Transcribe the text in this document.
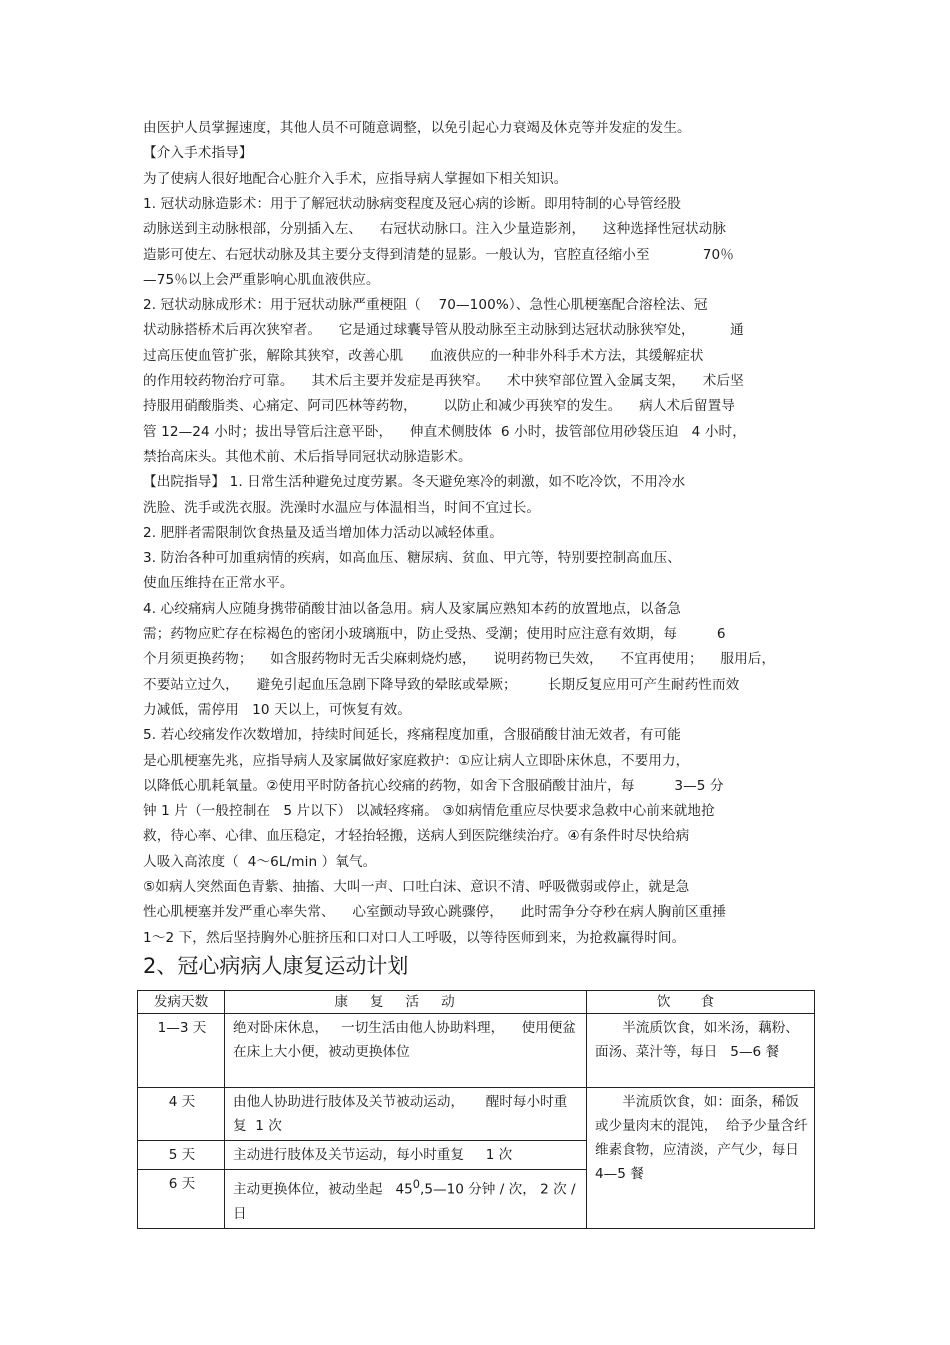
由医护人员掌握速度，其他人员不可随意调整，以免引起心力衰竭及休克等并发症的发生。
【介入手术指导】
为了使病人很好地配合心脏介入手术，应指导病人掌握如下相关知识。
1. 冠状动脉造影术：用于了解冠状动脉病变程度及冠心病的诊断。即用特制的心导管经股
动脉送到主动脉根部，分别插入左、    右冠状动脉口。注入少量造影剂，    这种选择性冠状动脉
造影可使左、右冠状动脉及其主要分支得到清楚的显影。一般认为，官腔直径缩小至            70％
—75％以上会严重影响心肌血液供应。
2. 冠状动脉成形术：用于冠状动脉严重梗阻（    70—100%）、急性心肌梗塞配合溶栓法、冠
状动脉搭桥术后再次狭窄者。    它是通过球囊导管从股动脉至主动脉到达冠状动脉狭窄处，        通
过高压使血管扩张，解除其狭窄，改善心肌      血液供应的一种非外科手术方法，其缓解症状
的作用较药物治疗可靠。    其术后主要并发症是再狭窄。    术中狭窄部位置入金属支架，    术后坚
持服用硝酸脂类、心痛定、阿司匹林等药物，      以防止和减少再狭窄的发生。    病人术后留置导
管 12—24 小时；拔出导管后注意平卧，    伸直术侧肢体  6 小时，拔管部位用砂袋压迫   4 小时，
禁抬高床头。其他术前、术后指导同冠状动脉造影术。
【出院指导】 1. 日常生活种避免过度劳累。冬天避免寒冷的刺激，如不吃冷饮，不用冷水
洗脸、洗手或洗衣服。洗澡时水温应与体温相当，时间不宜过长。
2. 肥胖者需限制饮食热量及适当增加体力活动以减轻体重。
3. 防治各种可加重病情的疾病，如高血压、糖尿病、贫血、甲亢等，特别要控制高血压、
使血压维持在正常水平。
4. 心绞痛病人应随身携带硝酸甘油以备急用。病人及家属应熟知本药的放置地点，以备急
需；药物应贮存在棕褐色的密闭小玻璃瓶中，防止受热、受潮；使用时应注意有效期，每         6
个月须更换药物；    如含服药物时无舌尖麻刺烧灼感，    说明药物已失效，    不宜再使用；    服用后，
不要站立过久，    避免引起血压急剧下降导致的晕眩或晕厥；       长期反复应用可产生耐药性而效
力减低，需停用   10 天以上，可恢复有效。
5. 若心绞痛发作次数增加，持续时间延长，疼痛程度加重，含服硝酸甘油无效者，有可能
是心肌梗塞先兆，应指导病人及家属做好家庭救护：①应让病人立即卧床休息，不要用力，
以降低心肌耗氧量。②使用平时防备抗心绞痛的药物，如舍下含服硝酸甘油片，每         3—5 分
钟 1 片（一般控制在   5 片以下） 以减轻疼痛。 ③如病情危重应尽快要求急救中心前来就地抢
救，待心率、心律、血压稳定，才轻抬轻搬，送病人到医院继续治疗。④有条件时尽快给病
人吸入高浓度（  4～6L/min ）氧气。
⑤如病人突然面色青紫、抽搐、大叫一声、口吐白沫、意识不清、呼吸微弱或停止，就是急
性心肌梗塞并发严重心率失常、    心室颤动导致心跳骤停，    此时需争分夺秒在病人胸前区重捶
1～2 下，然后坚持胸外心脏挤压和口对口人工呼吸，以等待医师到来，为抢救赢得时间。
2、冠心病病人康复运动计划
发病天数	康复活动	饮食
1—3 天	绝对卧床休息，   一切生活由他人协助料理，    使用便盆在床上大小便，被动更换体位	半流质饮食，如米汤，藕粉、面汤、菜汁等，每日   5—6 餐
4 天	由他人协助进行肢体及关节被动运动，     醒时每小时重复  1 次	半流质饮食，如：面条，稀饭或少量肉末的混饨，  给予少量含纤维素食物，应清淡，产气少，每日   4—5 餐
5 天	主动进行肢体及关节运动，每小时重复     1 次	
6 天	主动更换体位，被动坐起   $45^0,5—10$ 分钟 / 次， 2 次 / 日	
